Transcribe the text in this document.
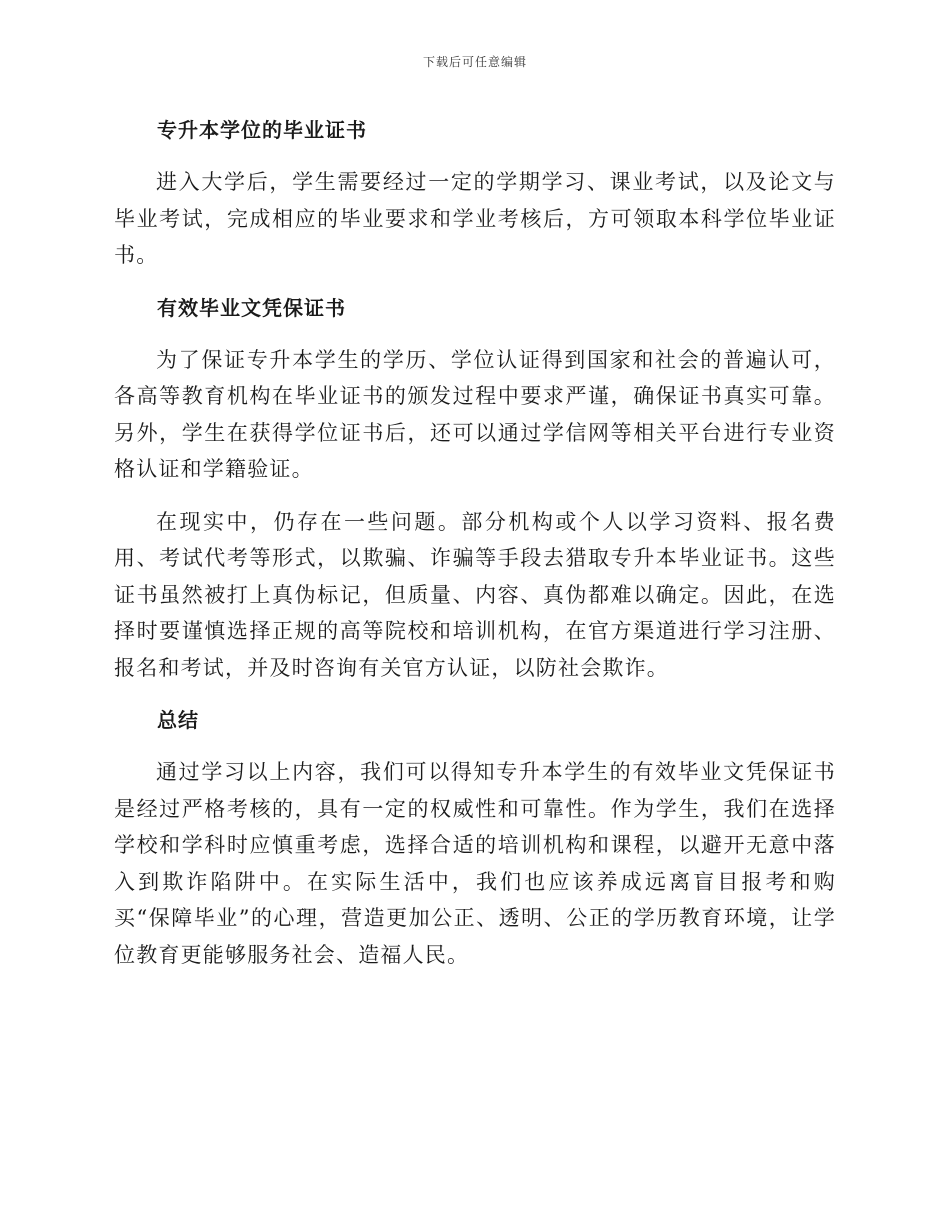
下载后可任意编辑
专升本学位的毕业证书

进入大学后，学生需要经过一定的学期学习、课业考试，以及论文与毕业考试，完成相应的毕业要求和学业考核后，方可领取本科学位毕业证书。

有效毕业文凭保证书

为了保证专升本学生的学历、学位认证得到国家和社会的普遍认可，各高等教育机构在毕业证书的颁发过程中要求严谨，确保证书真实可靠。另外，学生在获得学位证书后，还可以通过学信网等相关平台进行专业资格认证和学籍验证。

在现实中，仍存在一些问题。部分机构或个人以学习资料、报名费用、考试代考等形式，以欺骗、诈骗等手段去猎取专升本毕业证书。这些证书虽然被打上真伪标记，但质量、内容、真伪都难以确定。因此，在选择时要谨慎选择正规的高等院校和培训机构，在官方渠道进行学习注册、报名和考试，并及时咨询有关官方认证，以防社会欺诈。

总结

通过学习以上内容，我们可以得知专升本学生的有效毕业文凭保证书是经过严格考核的，具有一定的权威性和可靠性。作为学生，我们在选择学校和学科时应慎重考虑，选择合适的培训机构和课程，以避开无意中落入到欺诈陷阱中。在实际生活中，我们也应该养成远离盲目报考和购买“保障毕业”的心理，营造更加公正、透明、公正的学历教育环境，让学位教育更能够服务社会、造福人民。
